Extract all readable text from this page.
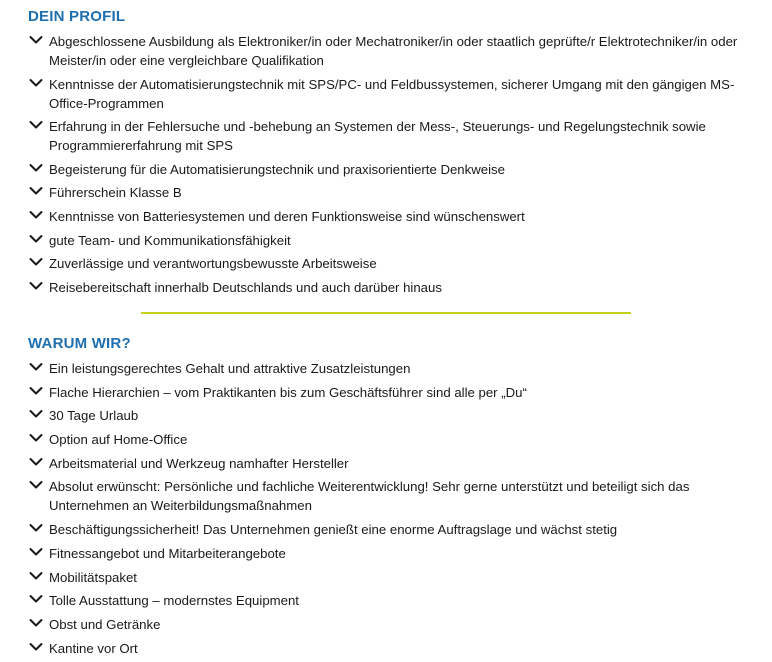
DEIN PROFIL
Abgeschlossene Ausbildung als Elektroniker/in oder Mechatroniker/in oder staatlich geprüfte/r Elektrotechniker/in oder Meister/in oder eine vergleichbare Qualifikation
Kenntnisse der Automatisierungstechnik mit SPS/PC- und Feldbussystemen, sicherer Umgang mit den gängigen MS-Office-Programmen
Erfahrung in der Fehlersuche und -behebung an Systemen der Mess-, Steuerungs- und Regelungstechnik sowie Programmiererfahrung mit SPS
Begeisterung für die Automatisierungstechnik und praxisorientierte Denkweise
Führerschein Klasse B
Kenntnisse von Batteriesystemen und deren Funktionsweise sind wünschenswert
gute Team- und Kommunikationsfähigkeit
Zuverlässige und verantwortungsbewusste Arbeitsweise
Reisebereitschaft innerhalb Deutschlands und auch darüber hinaus
WARUM WIR?
Ein leistungsgerechtes Gehalt und attraktive Zusatzleistungen
Flache Hierarchien – vom Praktikanten bis zum Geschäftsführer sind alle per „Du“
30 Tage Urlaub
Option auf Home-Office
Arbeitsmaterial und Werkzeug namhafter Hersteller
Absolut erwünscht: Persönliche und fachliche Weiterentwicklung! Sehr gerne unterstützt und beteiligt sich das Unternehmen an Weiterbildungsmaßnahmen
Beschäftigungssicherheit! Das Unternehmen genießt eine enorme Auftragslage und wächst stetig
Fitnessangebot und Mitarbeiterangebote
Mobilitätspaket
Tolle Ausstattung – modernstes Equipment
Obst und Getränke
Kantine vor Ort
